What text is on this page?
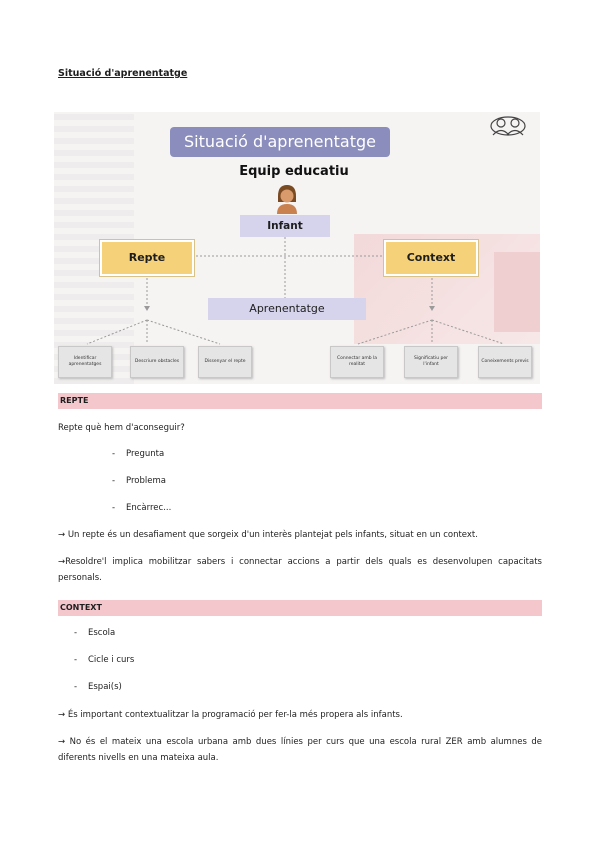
Situació d'aprenentatge
Situació d'aprenentatge
Equip educatiu
Infant
Repte	Context
Aprenentatge
Identificar aprenentatges
Descriure obstacles	Dissenyar el repte
Connectar amb la realitat
Significatiu per l'infant
Coneixements previs
REPTE
Repte què hem d'aconseguir?
- Pregunta
- Problema
- Encàrrec...
→ Un repte és un desafiament que sorgeix d'un interès plantejat pels infants, situat en un context.
→Resoldre'l implica mobilitzar sabers i connectar accions a partir dels quals es desenvolupen capacitats personals.
CONTEXT
- Escola
- Cicle i curs
- Espai(s)
→ És important contextualitzar la programació per fer-la més propera als infants.
→ No és el mateix una escola urbana amb dues línies per curs que una escola rural ZER amb alumnes de diferents nivells en una mateixa aula.
